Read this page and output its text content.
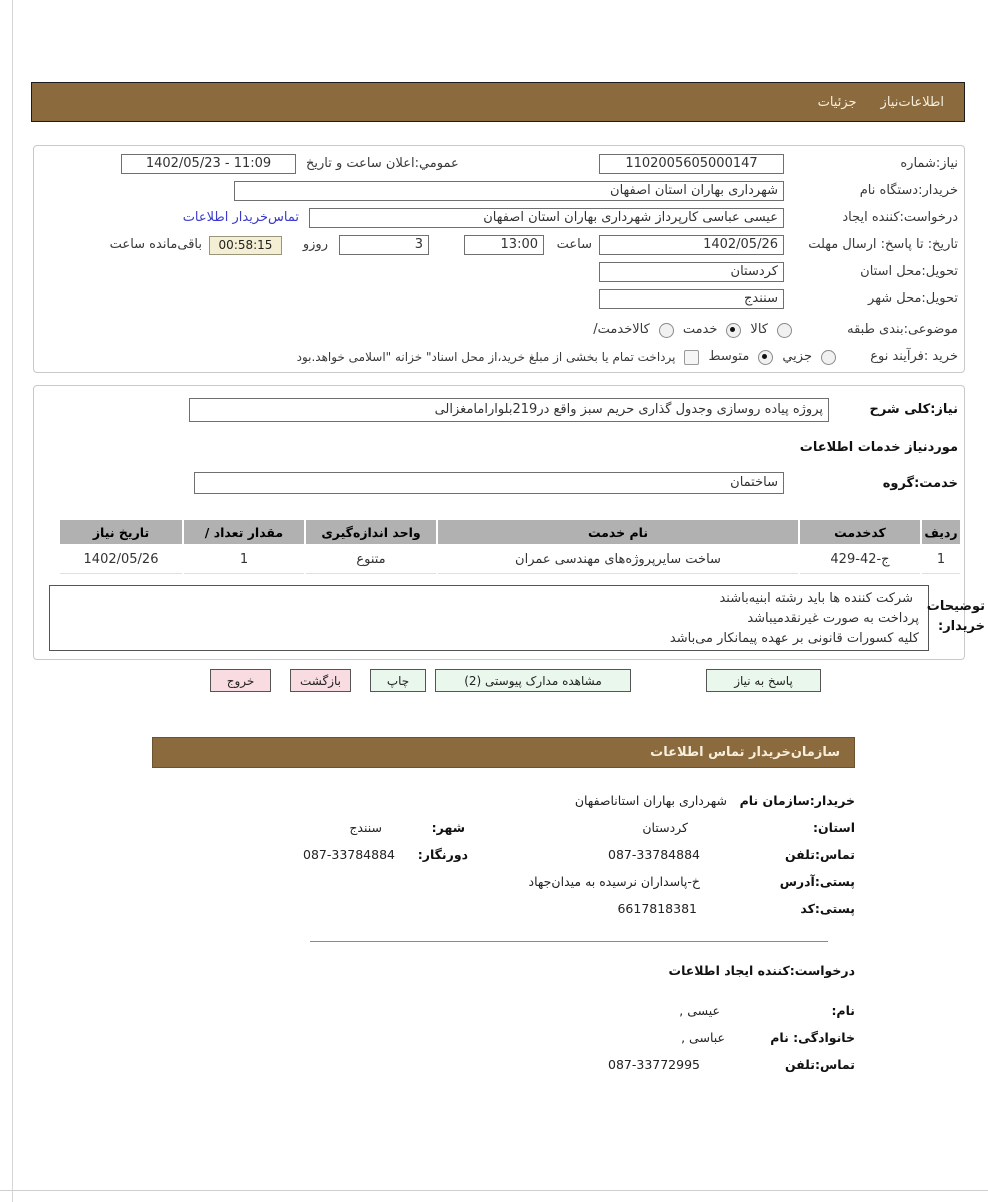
اطلاعات‌نیاز
جزئیات
نیاز:شماره
1102005605000147
عمومي:اعلان ساعت و تاریخ
1402/05/23 - 11:09
خریدار:دستگاه نام
شهرداری بهاران استان اصفهان
درخواست:کننده ایجاد
عیسی عباسی کارپرداز شهرداری بهاران استان اصفهان
تماس‌خریدار اطلاعات
تاریخ: تا پاسخ: ارسال مهلت
1402/05/26
ساعت
13:00
3
روزو
00:58:15
باقی‌مانده ساعت
تحویل:محل استان
کردستان
تحویل:محل شهر
سنندج
موضوعی:بندی طبقه
کالا
خدمت
کالاخدمت/
خرید :فرآیند نوع
جزیي
متوسط
پرداخت تمام یا بخشی از مبلغ خرید،از محل اسناد" خزانه "اسلامی خواهد.بود
نیاز:کلی شرح
پروژه پیاده روسازی وجدول گذاری حریم سبز واقع در219بلوارامامغزالی
موردنیاز خدمات اطلاعات
خدمت:گروه
ساختمان
ردیف	کدخدمت	نام خدمت	واحد اندازه‌گیری	مقدار تعداد /	تاریخ نیاز
1	ج-42-429	ساخت سایرپروژه‌های مهندسی عمران	متنوع	1	1402/05/26
شرکت کننده ها باید رشته ابنیه‌باشند
پرداخت به صورت غیرنقدمیباشد
کلیه کسورات قانونی بر عهده پیمانکار می‌باشد
توضیحات
خریدار:
پاسخ به نیاز
مشاهده مدارک پیوستی (2)
چاپ
بازگشت
خروج
سازمان‌خریدار تماس اطلاعات
خریدار:سازمان نام
شهرداری بهاران استاناصفهان
استان:
کردستان
شهر:
سنندج
تماس:تلفن
087-33784884
دورنگار:
087-33784884
پستی:آدرس
خ-پاسداران نرسیده به میدان‌جهاد
پستی:کد
6617818381
درخواست:کننده ایجاد اطلاعات
نام:
عیسی ,
خانوادگی: نام
عباسی ,
تماس:تلفن
087-33772995
